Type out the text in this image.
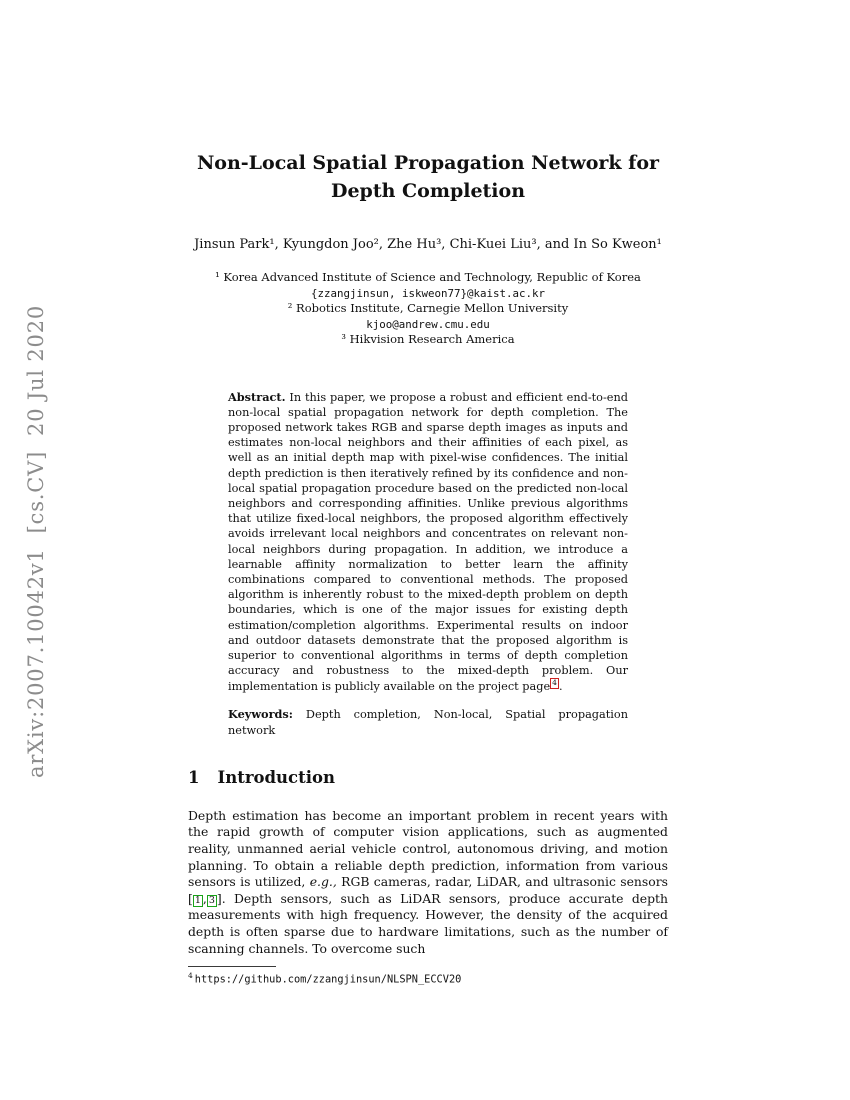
arXiv:2007.10042v1  [cs.CV]  20 Jul 2020
Non-Local Spatial Propagation Network for
Depth Completion
Jinsun Park¹, Kyungdon Joo², Zhe Hu³, Chi-Kuei Liu³, and In So Kweon¹
¹ Korea Advanced Institute of Science and Technology, Republic of Korea
{zzangjinsun, iskweon77}@kaist.ac.kr
² Robotics Institute, Carnegie Mellon University
kjoo@andrew.cmu.edu
³ Hikvision Research America
Abstract. In this paper, we propose a robust and efficient end-to-end non-local spatial propagation network for depth completion. The proposed network takes RGB and sparse depth images as inputs and estimates non-local neighbors and their affinities of each pixel, as well as an initial depth map with pixel-wise confidences. The initial depth prediction is then iteratively refined by its confidence and non-local spatial propagation procedure based on the predicted non-local neighbors and corresponding affinities. Unlike previous algorithms that utilize fixed-local neighbors, the proposed algorithm effectively avoids irrelevant local neighbors and concentrates on relevant non-local neighbors during propagation. In addition, we introduce a learnable affinity normalization to better learn the affinity combinations compared to conventional methods. The proposed algorithm is inherently robust to the mixed-depth problem on depth boundaries, which is one of the major issues for existing depth estimation/completion algorithms. Experimental results on indoor and outdoor datasets demonstrate that the proposed algorithm is superior to conventional algorithms in terms of depth completion accuracy and robustness to the mixed-depth problem. Our implementation is publicly available on the project page 4 .
Keywords: Depth completion, Non-local, Spatial propagation network
1 Introduction

Depth estimation has become an important problem in recent years with the rapid growth of computer vision applications, such as augmented reality, unmanned aerial vehicle control, autonomous driving, and motion planning. To obtain a reliable depth prediction, information from various sensors is utilized, e.g., RGB cameras, radar, LiDAR, and ultrasonic sensors [ 1 , 3 ]. Depth sensors, such as LiDAR sensors, produce accurate depth measurements with high frequency. However, the density of the acquired depth is often sparse due to hardware limitations, such as the number of scanning channels. To overcome such

$^4$ https://github.com/zzangjinsun/NLSPN_ECCV20
